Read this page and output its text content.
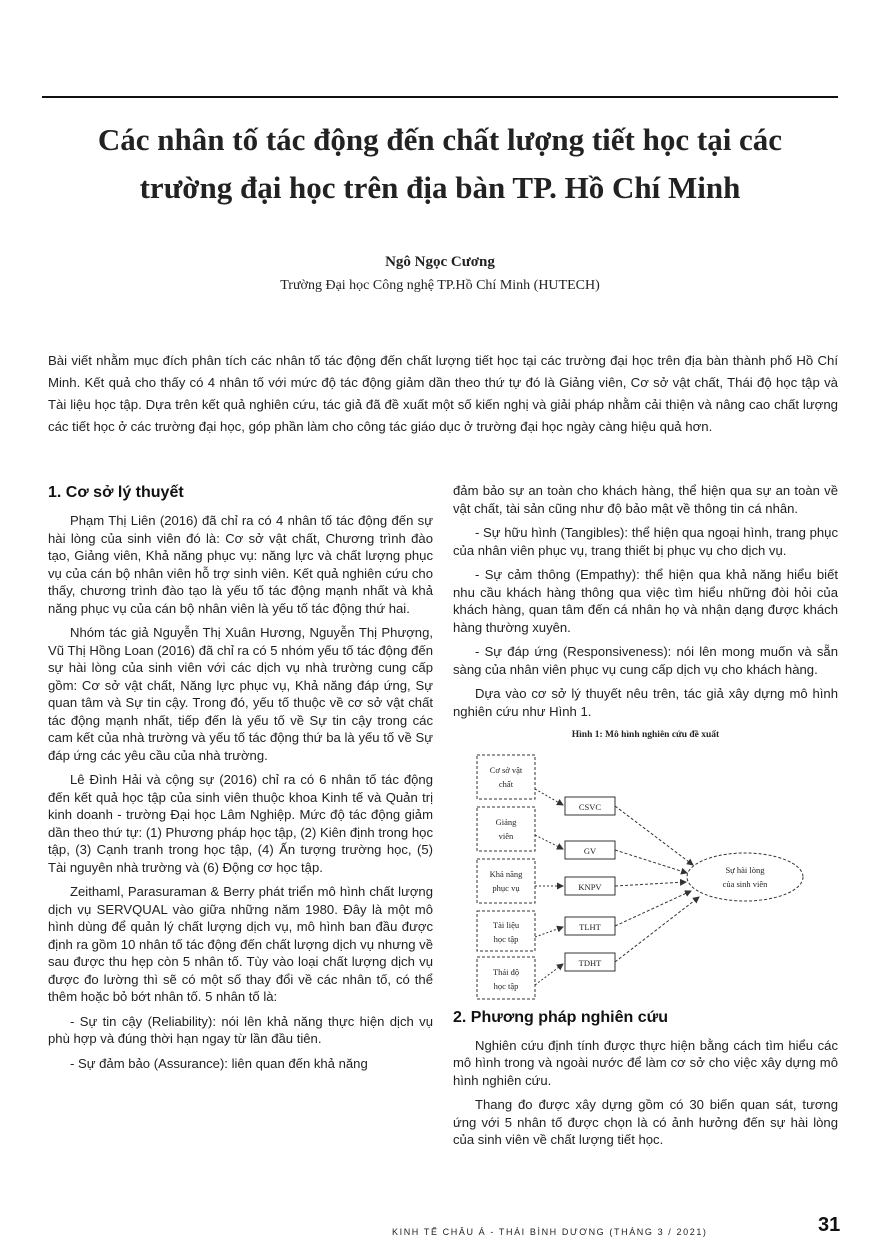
Các nhân tố tác động đến chất lượng tiết học tại các
trường đại học trên địa bàn TP. Hồ Chí Minh
Ngô Ngọc Cương
Trường Đại học Công nghệ TP.Hồ Chí Minh (HUTECH)
Bài viết nhằm mục đích phân tích các nhân tố tác động đến chất lượng tiết học tại các trường đại học trên địa bàn thành phố Hồ Chí Minh. Kết quả cho thấy có 4 nhân tố với mức độ tác động giảm dần theo thứ tự đó là Giảng viên, Cơ sở vật chất, Thái độ học tập và Tài liệu học tập. Dựa trên kết quả nghiên cứu, tác giả đã đề xuất một số kiến nghị và giải pháp nhằm cải thiện và nâng cao chất lượng các tiết học ở các trường đại học, góp phần làm cho công tác giáo dục ở trường đại học ngày càng hiệu quả hơn.
1. Cơ sở lý thuyết

Phạm Thị Liên (2016) đã chỉ ra có 4 nhân tố tác động đến sự hài lòng của sinh viên đó là: Cơ sở vật chất, Chương trình đào tạo, Giảng viên, Khả năng phục vụ: năng lực và chất lượng phục vụ của cán bộ nhân viên hỗ trợ sinh viên. Kết quả nghiên cứu cho thấy, chương trình đào tạo là yếu tố tác động mạnh nhất và khả năng phục vụ của cán bộ nhân viên là yếu tố tác động thứ hai.

Nhóm tác giả Nguyễn Thị Xuân Hương, Nguyễn Thị Phượng, Vũ Thị Hồng Loan (2016) đã chỉ ra có 5 nhóm yếu tố tác động đến sự hài lòng của sinh viên với các dịch vụ nhà trường cung cấp gồm: Cơ sở vật chất, Năng lực phục vụ, Khả năng đáp ứng, Sự quan tâm và Sự tin cậy. Trong đó, yếu tố thuộc về cơ sở vật chất tác động mạnh nhất, tiếp đến là yếu tố về Sự tin cậy trong các cam kết của nhà trường và yếu tố tác động thứ ba là yếu tố về Sự đáp ứng các yêu cầu của nhà trường.

Lê Đình Hải và cộng sự (2016) chỉ ra có 6 nhân tố tác động đến kết quả học tập của sinh viên thuộc khoa Kinh tế và Quản trị kinh doanh - trường Đại học Lâm Nghiệp. Mức độ tác động giảm dần theo thứ tự: (1) Phương pháp học tập, (2) Kiên định trong học tập, (3) Cạnh tranh trong học tập, (4) Ấn tượng trường học, (5) Tài nguyên nhà trường và (6) Động cơ học tập.

Zeithaml, Parasuraman & Berry phát triển mô hình chất lượng dịch vụ SERVQUAL vào giữa những năm 1980. Đây là một mô hình dùng để quản lý chất lượng dịch vụ, mô hình ban đầu được định ra gồm 10 nhân tố tác động đến chất lượng dịch vụ nhưng về sau được thu hẹp còn 5 nhân tố. Tùy vào loại chất lượng dịch vụ được đo lường thì sẽ có một số thay đổi về các nhân tố, có thể thêm hoặc bỏ bớt nhân tố. 5 nhân tố là:

- Sự tin cậy (Reliability): nói lên khả năng thực hiện dịch vụ phù hợp và đúng thời hạn ngay từ lần đầu tiên.

- Sự đảm bảo (Assurance): liên quan đến khả năng

đảm bảo sự an toàn cho khách hàng, thể hiện qua sự an toàn về vật chất, tài sản cũng như độ bảo mật về thông tin cá nhân.

- Sự hữu hình (Tangibles): thể hiện qua ngoại hình, trang phục của nhân viên phục vụ, trang thiết bị phục vụ cho dịch vụ.

- Sự cảm thông (Empathy): thể hiện qua khả năng hiểu biết nhu cầu khách hàng thông qua việc tìm hiểu những đòi hỏi của khách hàng, quan tâm đến cá nhân họ và nhận dạng được khách hàng thường xuyên.

- Sự đáp ứng (Responsiveness): nói lên mong muốn và sẵn sàng của nhân viên phục vụ cung cấp dịch vụ cho khách hàng.

Dựa vào cơ sở lý thuyết nêu trên, tác giả xây dựng mô hình nghiên cứu như Hình 1.

Hình 1: Mô hình nghiên cứu đề xuất
Cơ sở vật
chất
Giảng
viên
Khả năng
phục vụ
Tài liệu
học tập
Thái độ
học tập
CSVC
GV
KNPV
TLHT
TDHT
Sự hài lòng
của sinh viên
2. Phương pháp nghiên cứu

Nghiên cứu định tính được thực hiện bằng cách tìm hiểu các mô hình trong và ngoài nước để làm cơ sở cho việc xây dựng mô hình nghiên cứu.

Thang đo được xây dựng gồm có 30 biến quan sát, tương ứng với 5 nhân tố được chọn là có ảnh hưởng đến sự hài lòng của sinh viên về chất lượng tiết học.

KINH TẾ CHÂU Á - THÁI BÌNH DƯƠNG (THÁNG 3 / 2021)	31
